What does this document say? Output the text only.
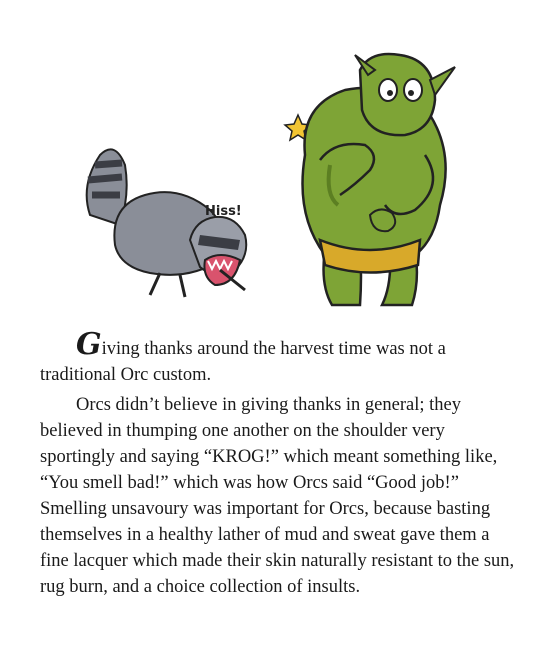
Hiss!

Giving thanks around the harvest time was not a traditional Orc custom.

Orcs didn’t believe in giving thanks in general; they believed in thumping one another on the shoulder very sportingly and saying “KROG!” which meant something like, “You smell bad!” which was how Orcs said “Good job!” Smelling unsavoury was important for Orcs, because basting themselves in a healthy lather of mud and sweat gave them a fine lacquer which made their skin naturally resistant to the sun, rug burn, and a choice collection of insults.
